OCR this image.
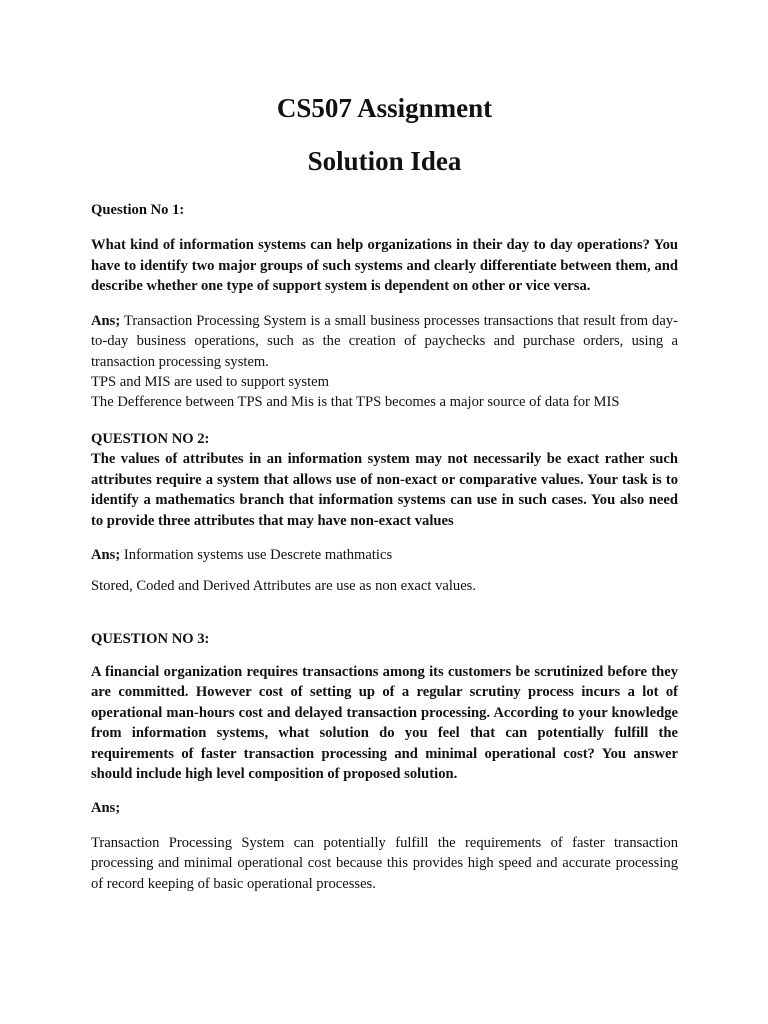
CS507 Assignment
Solution Idea

Question No 1:

What kind of information systems can help organizations in their day to day operations? You have to identify two major groups of such systems and clearly differentiate between them, and describe whether one type of support system is dependent on other or vice versa.

Ans; Transaction Processing System is a small business processes transactions that result from day-to-day business operations, such as the creation of paychecks and purchase orders, using a transaction processing system.

TPS and MIS are used to support system

The Defference between TPS and Mis is that TPS becomes a major source of data for MIS

QUESTION NO 2:

The values of attributes in an information system may not necessarily be exact rather such attributes require a system that allows use of non-exact or comparative values. Your task is to identify a mathematics branch that information systems can use in such cases. You also need to provide three attributes that may have non-exact values

Ans; Information systems use Descrete mathmatics

Stored, Coded and Derived Attributes are use as non exact values.

QUESTION NO 3:

A financial organization requires transactions among its customers be scrutinized before they are committed. However cost of setting up of a regular scrutiny process incurs a lot of operational man-hours cost and delayed transaction processing. According to your knowledge from information systems, what solution do you feel that can potentially fulfill the requirements of faster transaction processing and minimal operational cost? You answer should include high level composition of proposed solution.

Ans;

Transaction Processing System can potentially fulfill the requirements of faster transaction processing and minimal operational cost because this provides high speed and accurate processing of record keeping of basic operational processes.
